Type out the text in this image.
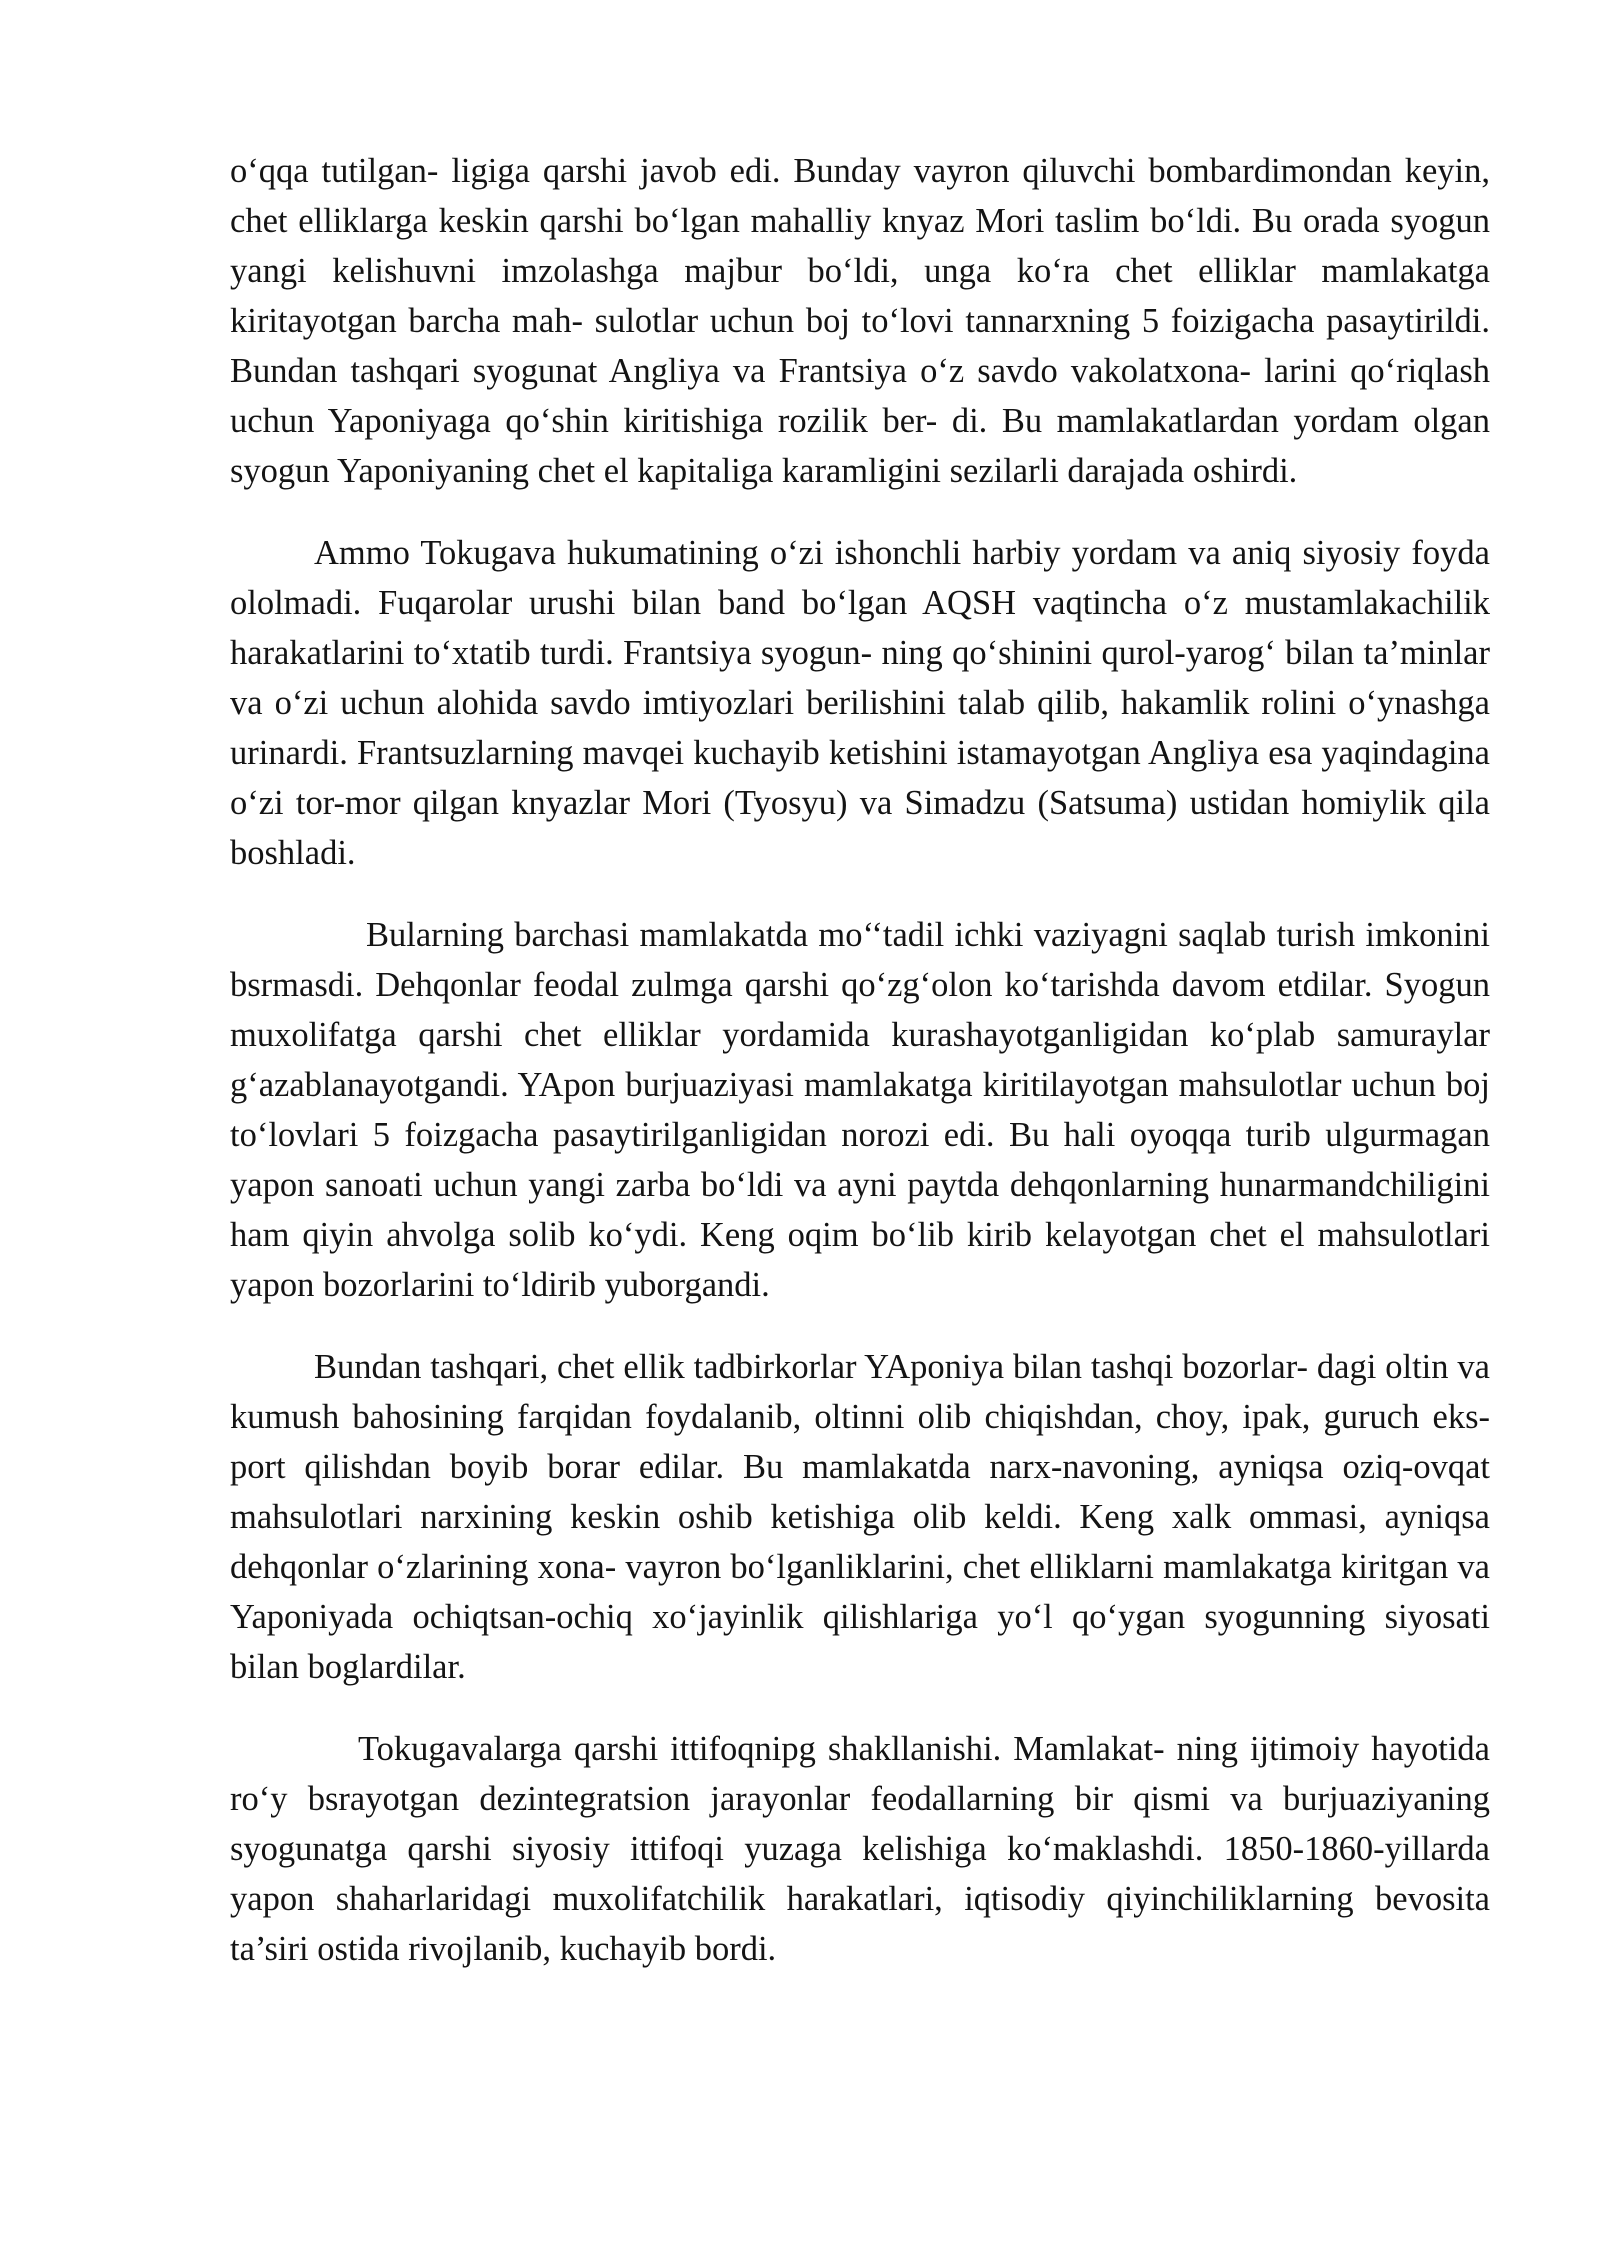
o‘qqa tutilgan- ligiga qarshi javob edi. Bunday vayron qiluvchi bombardimondan keyin, chet elliklarga keskin qarshi bo‘lgan mahalliy knyaz Mori taslim bo‘ldi. Bu orada syogun yangi kelishuvni imzolashga majbur bo‘ldi, unga ko‘ra chet elliklar mamlakatga kiritayotgan barcha mah- sulotlar uchun boj to‘lovi tannarxning 5 foizigacha pasaytirildi. Bundan tashqari syogunat Angliya va Frantsiya o‘z savdo vakolatxona- larini qo‘riqlash uchun Yaponiyaga qo‘shin kiritishiga rozilik ber- di. Bu mamlakatlardan yordam olgan syogun Yaponiyaning chet el kapitaliga karamligini sezilarli darajada oshirdi.

Ammo Tokugava hukumatining o‘zi ishonchli harbiy yordam va aniq siyosiy foyda ololmadi. Fuqarolar urushi bilan band bo‘lgan AQSH vaqtincha o‘z mustamlakachilik harakatlarini to‘xtatib turdi. Frantsiya syogun- ning qo‘shinini qurol-yarog‘ bilan ta’minlar va o‘zi uchun alohida savdo imtiyozlari berilishini talab qilib, hakamlik rolini o‘ynashga urinardi. Frantsuzlarning mavqei kuchayib ketishini istamayotgan Angliya esa yaqindagina o‘zi tor-mor qilgan knyazlar Mori (Tyosyu) va Simadzu (Satsuma) ustidan homiylik qila boshladi.

Bularning barchasi mamlakatda mo‘‘tadil ichki vaziyagni saqlab turish imkonini bsrmasdi. Dehqonlar feodal zulmga qarshi qo‘zg‘olon ko‘tarishda davom etdilar. Syogun muxolifatga qarshi chet elliklar yordamida kurashayotganligidan ko‘plab samuraylar g‘azablanayotgandi. YApon burjuaziyasi mamlakatga kiritilayotgan mahsulotlar uchun boj to‘lovlari 5 foizgacha pasaytirilganligidan norozi edi. Bu hali oyoqqa turib ulgurmagan yapon sanoati uchun yangi zarba bo‘ldi va ayni paytda dehqonlarning hunarmandchiligini ham qiyin ahvolga solib ko‘ydi. Keng oqim bo‘lib kirib kelayotgan chet el mahsulotlari yapon bozorlarini to‘ldirib yuborgandi.

Bundan tashqari, chet ellik tadbirkorlar YAponiya bilan tashqi bozorlar- dagi oltin va kumush bahosining farqidan foydalanib, oltinni olib chiqishdan, choy, ipak, guruch eks- port qilishdan boyib borar edilar. Bu mamlakatda narx-navoning, ayniqsa oziq-ovqat mahsulotlari narxining keskin oshib ketishiga olib keldi. Keng xalk ommasi, ayniqsa dehqonlar o‘zlarining xona- vayron bo‘lganliklarini, chet elliklarni mamlakatga kiritgan va Yaponiyada ochiqtsan-ochiq xo‘jayinlik qilishlariga yo‘l qo‘ygan syogunning siyosati bilan boglardilar.

Tokugavalarga qarshi ittifoqnipg shakllanishi. Mamlakat- ning ijtimoiy hayotida ro‘y bsrayotgan dezintegratsion jarayonlar feodallarning bir qismi va burjuaziyaning syogunatga qarshi siyosiy ittifoqi yuzaga kelishiga ko‘maklashdi. 1850-1860-yillarda yapon shaharlaridagi muxolifatchilik harakatlari, iqtisodiy qiyinchiliklarning bevosita ta’siri ostida rivojlanib, kuchayib bordi.
